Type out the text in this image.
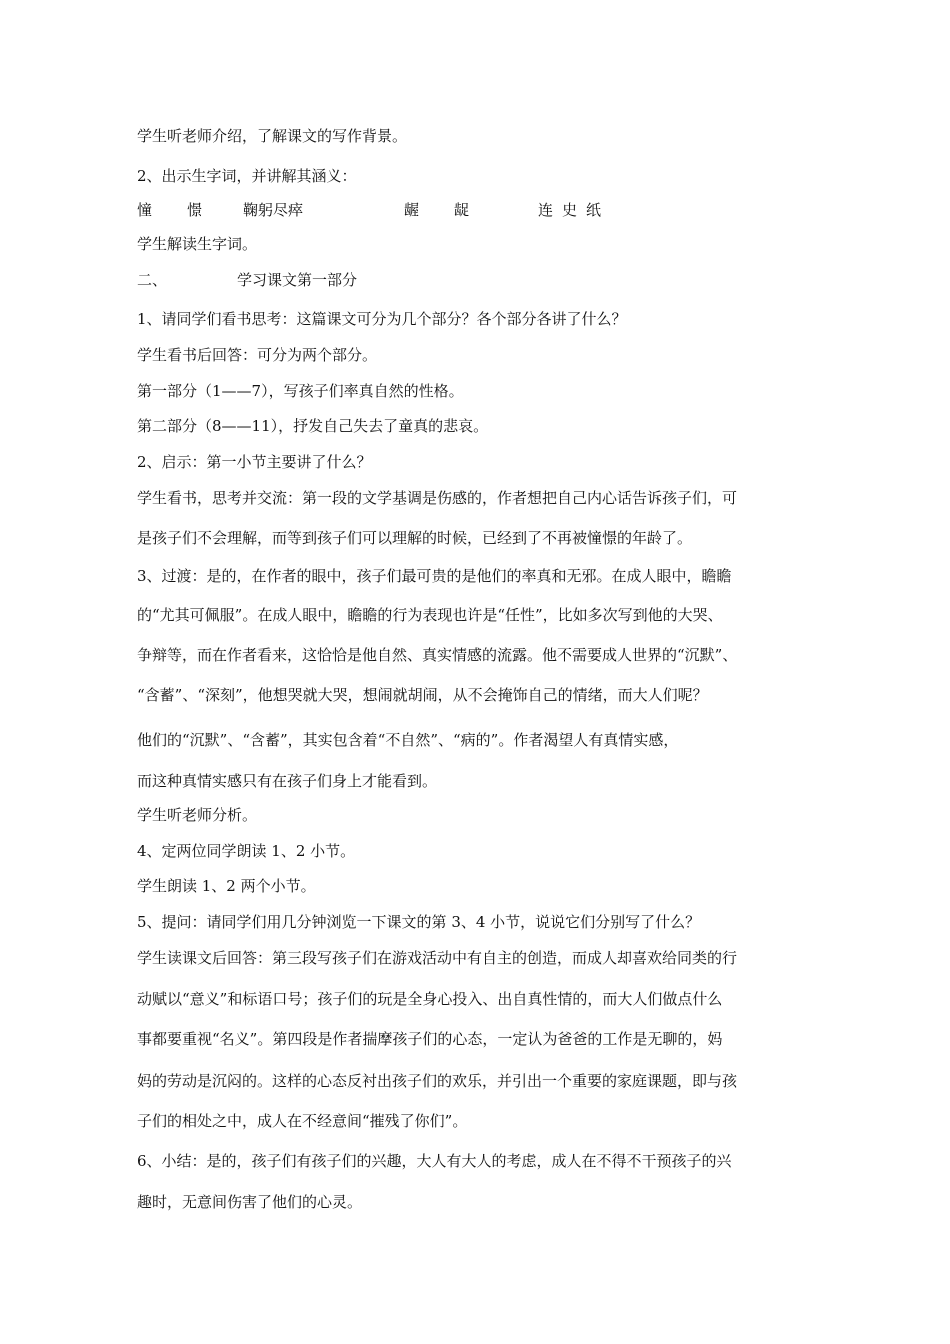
学生听老师介绍，了解课文的写作背景。
2、出示生字词，并讲解其涵义：
憧 憬	鞠躬尽瘁	龌 龊	连 史 纸
学生解读生字词。
二、	学习课文第一部分
1、请同学们看书思考：这篇课文可分为几个部分？各个部分各讲了什么？
学生看书后回答：可分为两个部分。
第一部分（1——7），写孩子们率真自然的性格。
第二部分（8——11），抒发自己失去了童真的悲哀。
2、启示：第一小节主要讲了什么？
学生看书，思考并交流：第一段的文学基调是伤感的，作者想把自己内心话告诉孩子们，可
是孩子们不会理解，而等到孩子们可以理解的时候，已经到了不再被憧憬的年龄了。
3、过渡：是的，在作者的眼中，孩子们最可贵的是他们的率真和无邪。在成人眼中，瞻瞻
的“尤其可佩服”。在成人眼中，瞻瞻的行为表现也许是“任性”，比如多次写到他的大哭、
争辩等，而在作者看来，这恰恰是他自然、真实情感的流露。他不需要成人世界的“沉默”、
“含蓄”、“深刻”，他想哭就大哭，想闹就胡闹，从不会掩饰自己的情绪，而大人们呢？
他们的“沉默”、“含蓄”，其实包含着“不自然”、“病的”。作者渴望人有真情实感，
而这种真情实感只有在孩子们身上才能看到。
学生听老师分析。
4、定两位同学朗读 1、2 小节。
学生朗读 1、2 两个小节。
5、提问：请同学们用几分钟浏览一下课文的第 3、4 小节，说说它们分别写了什么？
学生读课文后回答：第三段写孩子们在游戏活动中有自主的创造，而成人却喜欢给同类的行
动赋以“意义”和标语口号；孩子们的玩是全身心投入、出自真性情的，而大人们做点什么
事都要重视“名义”。第四段是作者揣摩孩子们的心态，一定认为爸爸的工作是无聊的，妈
妈的劳动是沉闷的。这样的心态反衬出孩子们的欢乐，并引出一个重要的家庭课题，即与孩
子们的相处之中，成人在不经意间“摧残了你们”。
6、小结：是的，孩子们有孩子们的兴趣，大人有大人的考虑，成人在不得不干预孩子的兴
趣时，无意间伤害了他们的心灵。
